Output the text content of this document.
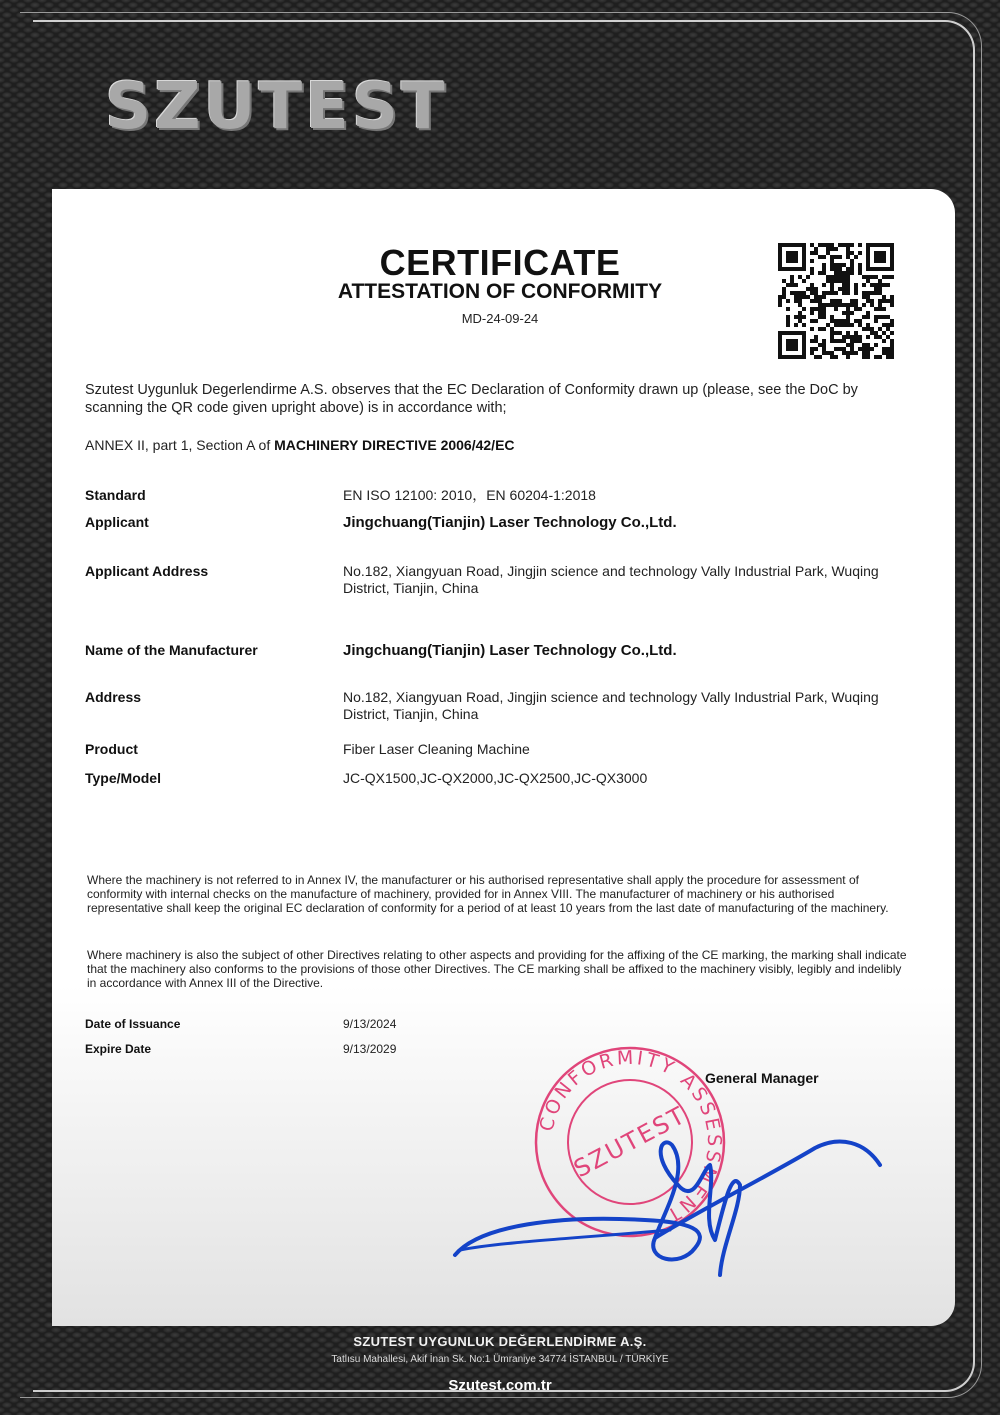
SZUTEST
CERTIFICATE
ATTESTATION OF CONFORMITY
MD-24-09-24
Szutest Uygunluk Degerlendirme A.S. observes that the EC Declaration of Conformity drawn up (please, see the DoC by scanning the QR code given upright above) is in accordance with;
ANNEX II, part 1, Section A of MACHINERY DIRECTIVE 2006/42/EC
Standard	EN ISO 12100: 2010，EN 60204-1:2018
Applicant	Jingchuang(Tianjin) Laser Technology Co.,Ltd.
Applicant Address	No.182, Xiangyuan Road, Jingjin science and technology Vally Industrial Park, Wuqing District, Tianjin, China
Name of the Manufacturer	Jingchuang(Tianjin) Laser Technology Co.,Ltd.
Address	No.182, Xiangyuan Road, Jingjin science and technology Vally Industrial Park, Wuqing District, Tianjin, China
Product	Fiber Laser Cleaning Machine
Type/Model	JC-QX1500,JC-QX2000,JC-QX2500,JC-QX3000
Where the machinery is not referred to in Annex IV, the manufacturer or his authorised representative shall apply the procedure for assessment of conformity with internal checks on the manufacture of machinery, provided for in Annex VIII. The manufacturer of machinery or his authorised representative shall keep the original EC declaration of conformity for a period of at least 10 years from the last date of manufacturing of the machinery.
Where machinery is also the subject of other Directives relating to other aspects and providing for the affixing of the CE marking, the marking shall indicate that the machinery also conforms to the provisions of those other Directives. The CE marking shall be affixed to the machinery visibly, legibly and indelibly in accordance with Annex III of the Directive.
Date of Issuance	9/13/2024
Expire Date	9/13/2029
CONFORMITY ASSESSMENT
SZUTEST
General Manager
SZUTEST UYGUNLUK DEĞERLENDİRME A.Ş.
Tatlısu Mahallesi, Akif İnan Sk. No:1 Ümraniye 34774 İSTANBUL / TÜRKİYE
Szutest.com.tr
